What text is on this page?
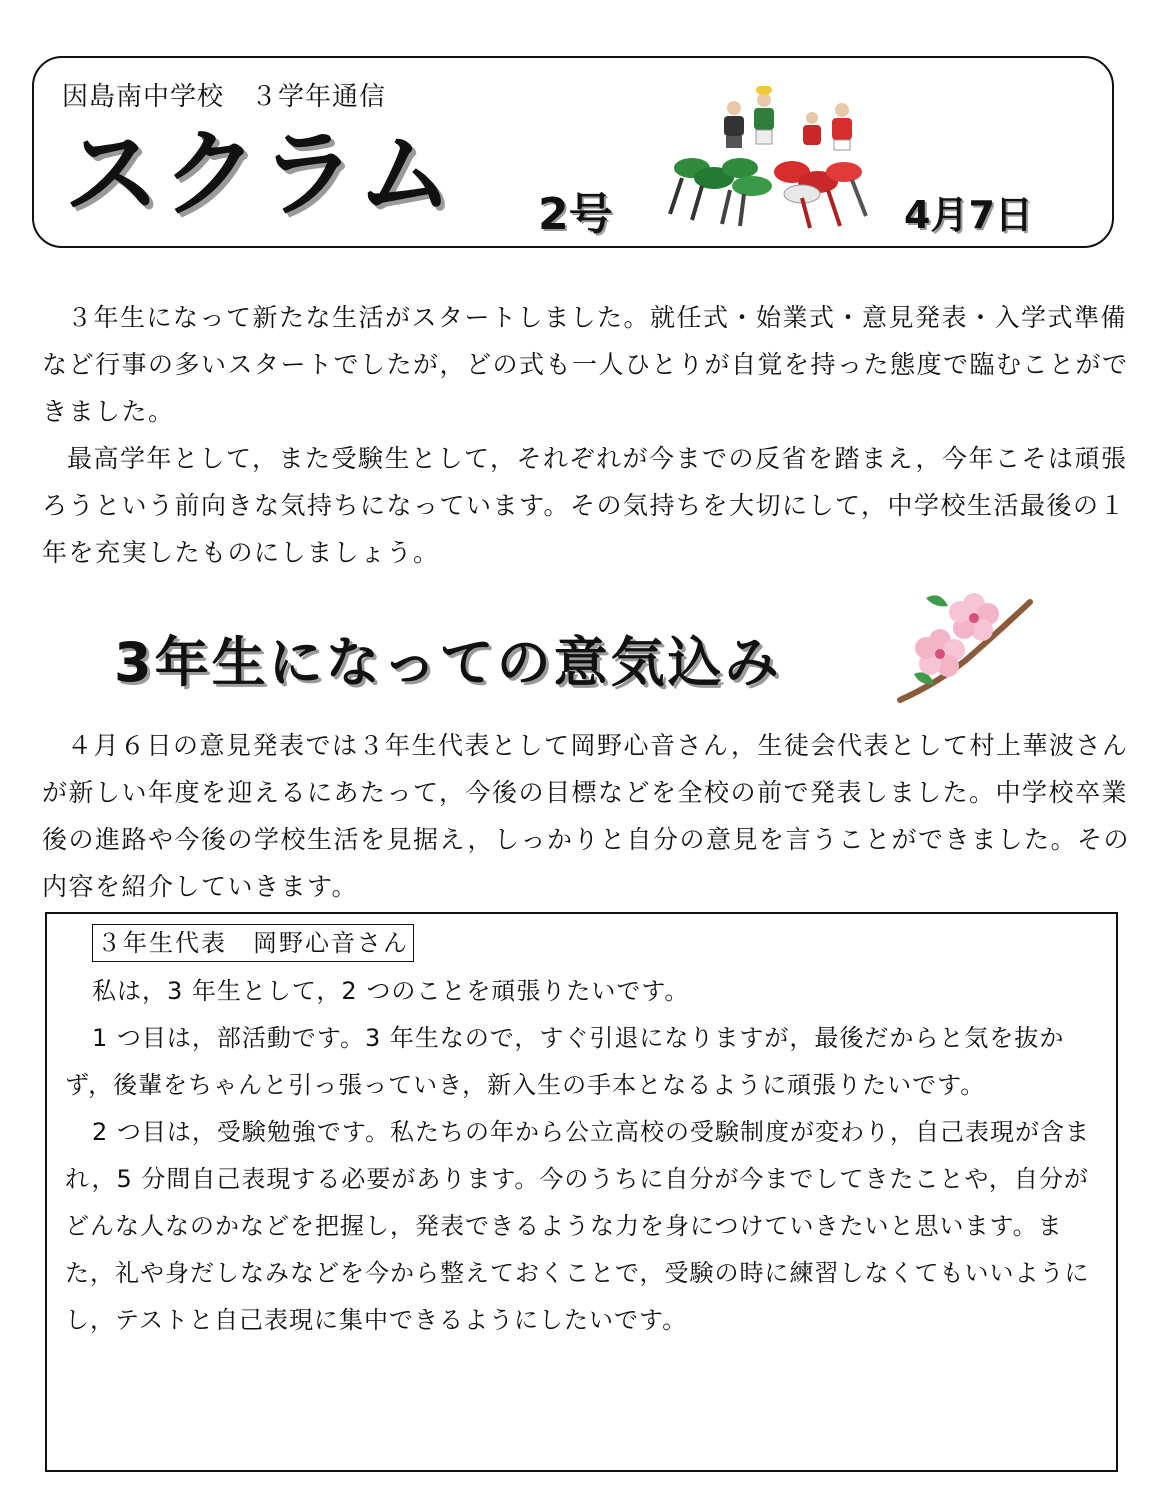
因島南中学校　３学年通信
スクラム 2号	4月7日

３年生になって新たな生活がスタートしました。就任式・始業式・意見発表・入学式準備など行事の多いスタートでしたが，どの式も一人ひとりが自覚を持った態度で臨むことができました。

最高学年として，また受験生として，それぞれが今までの反省を踏まえ，今年こそは頑張ろうという前向きな気持ちになっています。その気持ちを大切にして，中学校生活最後の１年を充実したものにしましょう。

3年生になっての意気込み

４月６日の意見発表では３年生代表として岡野心音さん，生徒会代表として村上華波さんが新しい年度を迎えるにあたって，今後の目標などを全校の前で発表しました。中学校卒業後の進路や今後の学校生活を見据え，しっかりと自分の意見を言うことができました。その内容を紹介していきます。

３年生代表　岡野心音さん

私は，3 年生として，2 つのことを頑張りたいです。

1 つ目は，部活動です。3 年生なので，すぐ引退になりますが，最後だからと気を抜かず，後輩をちゃんと引っ張っていき，新入生の手本となるように頑張りたいです。

2 つ目は，受験勉強です。私たちの年から公立高校の受験制度が変わり，自己表現が含まれ，5 分間自己表現する必要があります。今のうちに自分が今までしてきたことや，自分がどんな人なのかなどを把握し，発表できるような力を身につけていきたいと思います。また，礼や身だしなみなどを今から整えておくことで，受験の時に練習しなくてもいいようにし，テストと自己表現に集中できるようにしたいです。
